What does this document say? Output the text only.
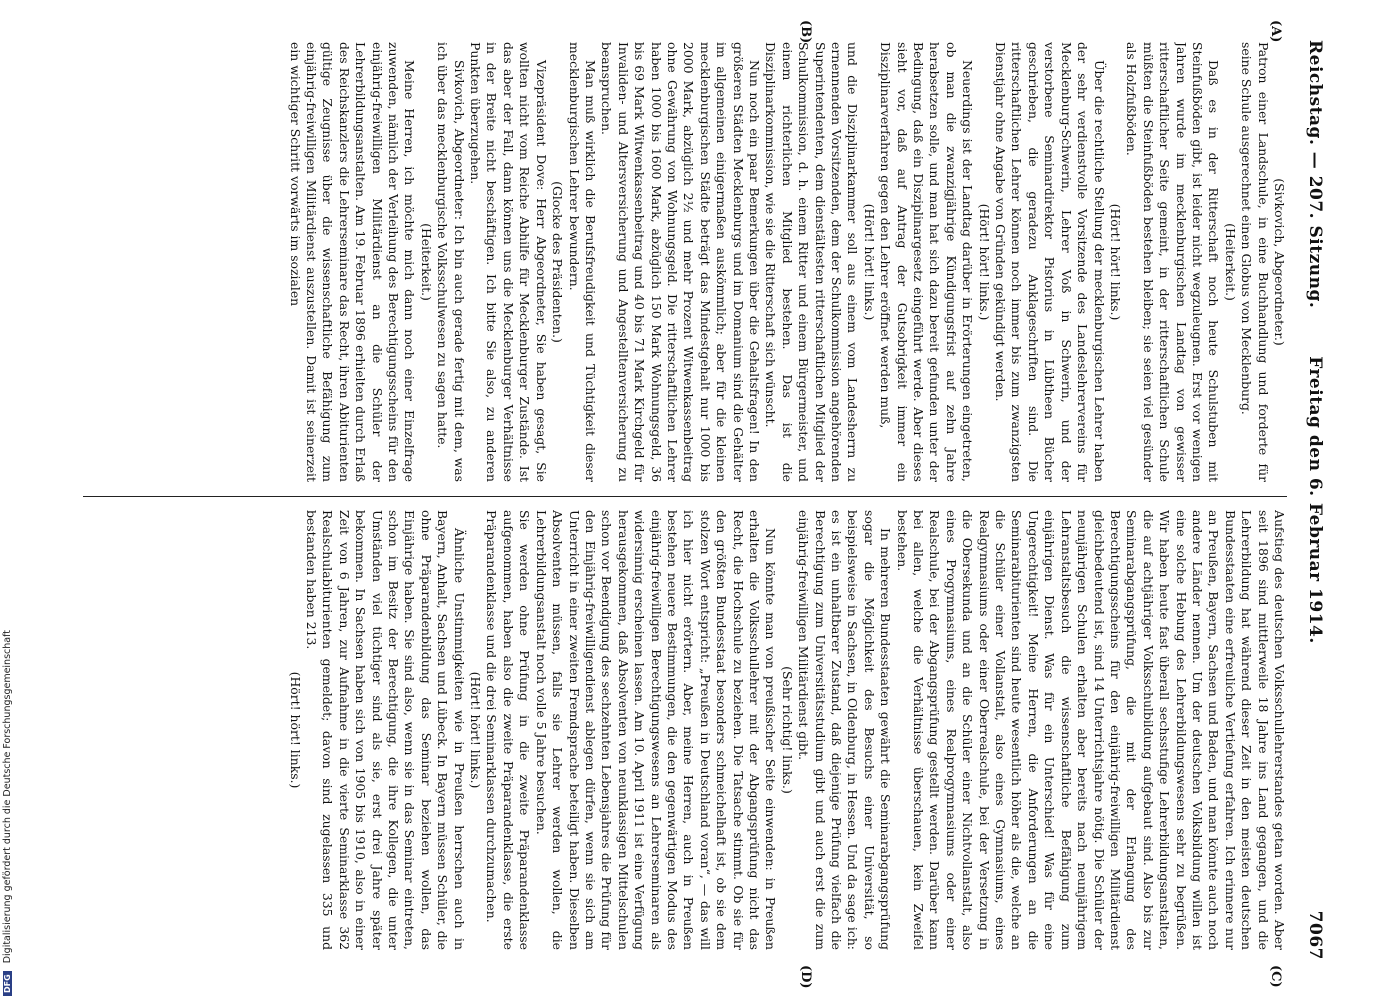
Reichstag. — 207. Sitzung.
Freitag den 6. Februar 1914.
7067
(A)
(B)
(C)
(D)

(Sivkovich, Abgeordneter.)

Patron einer Landschule, in eine Buchhandlung und forderte für seine Schule ausgerechnet einen Globus von Mecklenburg.

(Heiterkeit.)

Daß es in der Ritterschaft noch heute Schulstuben mit Steinfußböden gibt, ist leider nicht wegzuleugnen. Erst vor wenigen Jahren wurde im mecklenburgischen Landtag von gewisser ritterschaftlicher Seite gemeint, in der ritterschaftlichen Schule müßten die Steinfußböden bestehen bleiben; sie seien viel gesünder als Holzfußböden.

(Hört! hört! links.)

Über die rechtliche Stellung der mecklenburgischen Lehrer haben der sehr verdienstvolle Vorsitzende des Landeslehrervereins für Mecklenburg-Schwerin, Lehrer Voß in Schwerin, und der verstorbene Seminardirektor Pistorius in Lübtheen Bücher geschrieben, die geradezu Anklageschriften sind. Die ritterschaftlichen Lehrer können noch immer bis zum zwanzigsten Dienstjahr ohne Angabe von Gründen gekündigt werden.

(Hört! hört! links.)

Neuerdings ist der Landtag darüber in Erörterungen eingetreten, ob man die zwanzigjährige Kündigungsfrist auf zehn Jahre herabsetzen solle, und man hat sich dazu bereit gefunden unter der Bedingung, daß ein Disziplinargesetz eingeführt werde. Aber dieses sieht vor, daß auf Antrag der Gutsobrigkeit immer ein Disziplinarverfahren gegen den Lehrer eröffnet werden muß,

(Hört! hört! links.)

und die Disziplinarkammer soll aus einem vom Landesherrn zu ernennenden Vorsitzenden, dem der Schulkommission angehörenden Superintendenten, dem dienstältesten ritterschaftlichen Mitglied der Schulkommission, d. h. einem Ritter und einem Bürgermeister, und einem richterlichen Mitglied bestehen. Das ist die Disziplinarkommission, wie sie die Ritterschaft sich wünscht.

Nun noch ein paar Bemerkungen über die Gehaltsfragen! In den größeren Städten Mecklenburgs und im Domanium sind die Gehälter im allgemeinen einigermaßen auskömmlich; aber für die kleinen mecklenburgischen Städte beträgt das Mindestgehalt nur 1000 bis 2000 Mark, abzüglich 2½ und mehr Prozent Witwenkassenbeitrag ohne Gewährung von Wohnungsgeld. Die ritterschaftlichen Lehrer haben 1000 bis 1600 Mark, abzüglich 150 Mark Wohnungsgeld, 36 bis 69 Mark Witwenkassenbeitrag und 40 bis 71 Mark Kirchgeld für Invaliden- und Altersversicherung und Angestelltenversicherung zu beanspruchen.

Man muß wirklich die Berufsfreudigkeit und Tüchtigkeit dieser mecklenburgischen Lehrer bewundern.

(Glocke des Präsidenten.)

Vizepräsident Dove: Herr Abgeordneter, Sie haben gesagt, Sie wollten nicht vom Reiche Abhilfe für Mecklenburger Zustände. Ist das aber der Fall, dann können uns die Mecklenburger Verhältnisse in der Breite nicht beschäftigen. Ich bitte Sie also, zu anderen Punkten überzugehen.

Sivkovich, Abgeordneter: Ich bin auch gerade fertig mit dem, was ich über das mecklenburgische Volksschulwesen zu sagen hatte.

(Heiterkeit.)

Meine Herren, ich möchte mich dann noch einer Einzelfrage zuwenden, nämlich der Verleihung des Berechtigungsscheins für den einjährig-freiwilligen Militärdienst an die Schüler der Lehrerbildungsanstalten. Am 19. Februar 1896 erhielten durch Erlaß des Reichskanzlers die Lehrerseminare das Recht, ihren Abiturienten gültige Zeugnisse über die wissenschaftliche Befähigung zum einjährig-freiwilligen Militärdienst auszustellen. Damit ist seinerzeit ein wichtiger Schritt vorwärts im sozialen

Aufstieg des deutschen Volksschullehrerstandes getan worden. Aber seit 1896 sind mittlerweile 18 Jahre ins Land gegangen, und die Lehrerbildung hat während dieser Zeit in den meisten deutschen Bundesstaaten eine erfreuliche Vertiefung erfahren. Ich erinnere nur an Preußen, Bayern, Sachsen und Baden, und man könnte auch noch andere Länder nennen. Um der deutschen Volksbildung willen ist eine solche Hebung des Lehrerbildungswesens sehr zu begrüßen. Wir haben heute fast überall sechsstufige Lehrerbildungsanstalten, die auf achtjähriger Volksschulbildung aufgebaut sind. Also bis zur Seminarabgangsprüfung, die mit der Erlangung des Berechtigungsscheins für den einjährig-freiwilligen Militärdienst gleichbedeutend ist, sind 14 Unterrichtsjahre nötig. Die Schüler der neunjährigen Schulen erhalten aber bereits nach neunjährigem Lehranstaltsbesuch die wissenschaftliche Befähigung zum einjährigen Dienst. Was für ein Unterschied! Was für eine Ungerechtigkeit! Meine Herren, die Anforderungen an die Seminarabiturienten sind heute wesentlich höher als die, welche an die Schüler einer Vollanstalt, also eines Gymnasiums, eines Realgymnasiums oder einer Oberrealschule, bei der Versetzung in die Obersekunda und an die Schüler einer Nichtvollanstalt, also eines Progymnasiums, eines Realprogymnasiums oder einer Realschule, bei der Abgangsprüfung gestellt werden. Darüber kann bei allen, welche die Verhältnisse überschauen, kein Zweifel bestehen.

In mehreren Bundesstaaten gewährt die Seminarabgangsprüfung sogar die Möglichkeit des Besuchs einer Universität, so beispielsweise in Sachsen, in Oldenburg, in Hessen. Und da sage ich: es ist ein unhaltbarer Zustand, daß diejenige Prüfung vielfach die Berechtigung zum Universitätsstudium gibt und auch erst die zum einjährig-freiwilligen Militärdienst gibt.

(Sehr richtig! links.)

Nun könnte man von preußischer Seite einwenden: in Preußen erhalten die Volksschullehrer mit der Abgangsprüfung nicht das Recht, die Hochschule zu beziehen. Die Tatsache stimmt. Ob sie für den größten Bundesstaat besonders schmeichelhaft ist, ob sie dem stolzen Wort entspricht: „Preußen in Deutschland voran“, — das will ich hier nicht erörtern. Aber, meine Herren, auch in Preußen bestehen neuere Bestimmungen, die den gegenwärtigen Modus des einjährig-freiwilligen Berechtigungswesens an Lehrerseminaren als widersinnig erscheinen lassen. Am 10. April 1911 ist eine Verfügung herausgekommen, daß Absolventen von neunklassigen Mittelschulen schon vor Beendigung des sechzehnten Lebensjahres die Prüfung für den Einjährig-freiwilligendienst ablegen dürfen, wenn sie sich am Unterricht in einer zweiten Fremdsprache beteiligt haben. Dieselben Absolventen müssen, falls sie Lehrer werden wollen, die Lehrerbildungsanstalt noch volle 5 Jahre besuchen.

Sie werden ohne Prüfung in die zweite Präparandenklasse aufgenommen, haben also die zweite Präparandenklasse, die erste Präparandenklasse und die drei Seminarklassen durchzumachen.

(Hört! hört! links.)

Ähnliche Unstimmigkeiten wie in Preußen herrschen auch in Bayern, Anhalt, Sachsen und Lübeck. In Bayern müssen Schüler, die ohne Präparandenbildung das Seminar beziehen wollen, das Einjährige haben. Sie sind also, wenn sie in das Seminar eintreten, schon im Besitz der Berechtigung, die ihre Kollegen, die unter Umständen viel tüchtiger sind als sie, erst drei Jahre später bekommen. In Sachsen haben sich von 1905 bis 1910, also in einer Zeit von 6 Jahren, zur Aufnahme in die vierte Seminarklasse 362 Realschulabiturienten gemeldet; davon sind zugelassen 335 und bestanden haben 213.

(Hört! hört! links.)

DFG Digitalisierung gefördert durch die Deutsche Forschungsgemeinschaft
